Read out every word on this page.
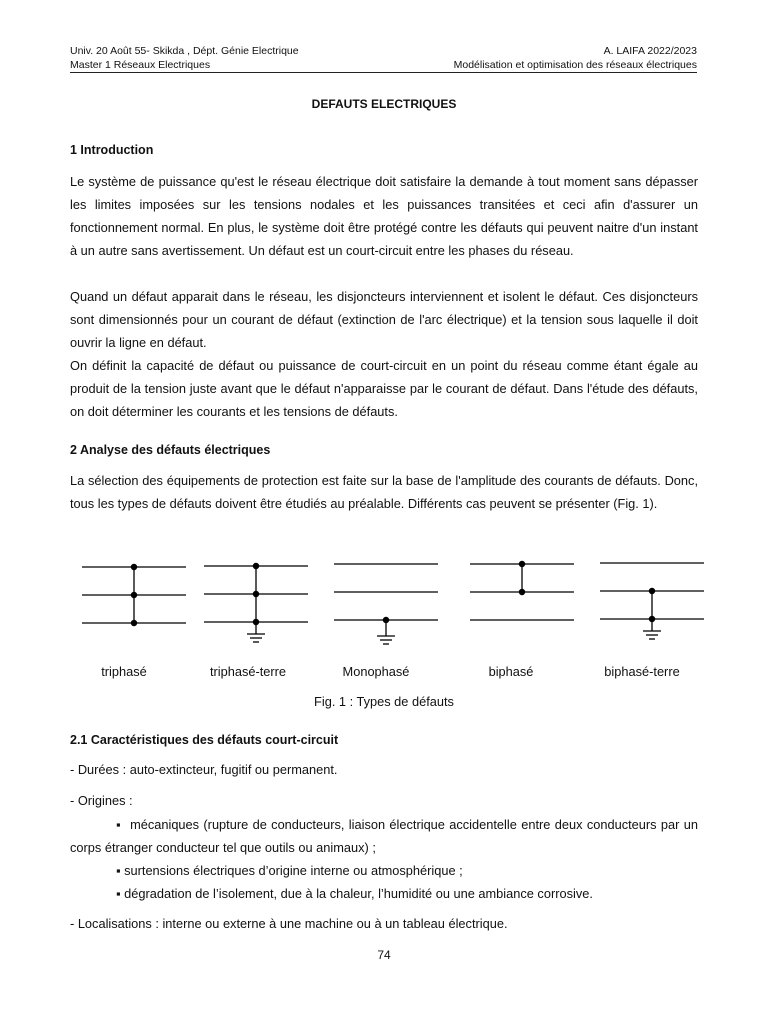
Univ. 20 Août 55- Skikda , Dépt. Génie Electrique	A. LAIFA 2022/2023
Master 1 Réseaux Electriques	Modélisation et optimisation des réseaux électriques
DEFAUTS ELECTRIQUES
1 Introduction
Le système de puissance qu'est le réseau électrique doit satisfaire la demande à tout moment sans dépasser les limites imposées sur les tensions nodales et les puissances transitées et ceci afin d'assurer un fonctionnement normal. En plus, le système doit être protégé contre les défauts qui peuvent naitre d'un instant à un autre sans avertissement. Un défaut est un court-circuit entre les phases du réseau.
Quand un défaut apparait dans le réseau, les disjoncteurs interviennent et isolent le défaut. Ces disjoncteurs sont dimensionnés pour un courant de défaut (extinction de l'arc électrique) et la tension sous laquelle il doit ouvrir la ligne en défaut.
On définit la capacité de défaut ou puissance de court-circuit en un point du réseau comme étant égale au produit de la tension juste avant que le défaut n'apparaisse par le courant de défaut. Dans l'étude des défauts, on doit déterminer les courants et les tensions de défauts.
2 Analyse des défauts électriques
La sélection des équipements de protection est faite sur la base de l'amplitude des courants de défauts. Donc, tous les types de défauts doivent être étudiés au préalable. Différents cas peuvent se présenter (Fig. 1).
triphasé	triphasé-terre	Monophasé	biphasé	biphasé-terre
Fig. 1 : Types de défauts
2.1 Caractéristiques des défauts court-circuit
- Durées : auto-extincteur, fugitif ou permanent.
- Origines :
▪ mécaniques (rupture de conducteurs, liaison électrique accidentelle entre deux conducteurs par un corps étranger conducteur tel que outils ou animaux) ;
▪ surtensions électriques d’origine interne ou atmosphérique ;
▪ dégradation de l’isolement, due à la chaleur, l’humidité ou une ambiance corrosive.
- Localisations : interne ou externe à une machine ou à un tableau électrique.
74
